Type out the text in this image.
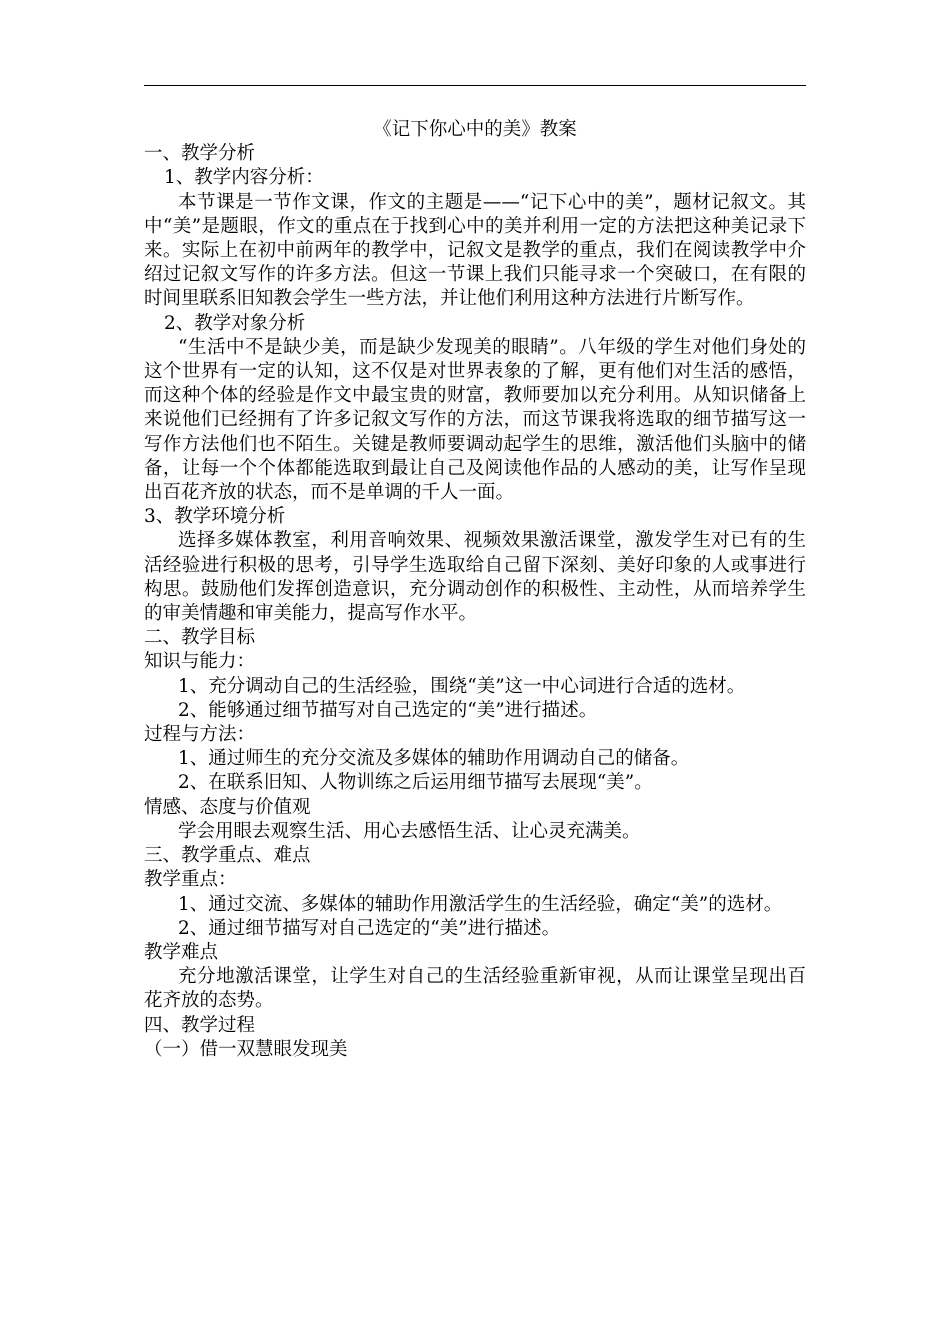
《记下你心中的美》教案

一、教学分析

1、教学内容分析：

本节课是一节作文课，作文的主题是——“记下心中的美”，题材记叙文。其中“美”是题眼，作文的重点在于找到心中的美并利用一定的方法把这种美记录下来。实际上在初中前两年的教学中，记叙文是教学的重点，我们在阅读教学中介绍过记叙文写作的许多方法。但这一节课上我们只能寻求一个突破口，在有限的时间里联系旧知教会学生一些方法，并让他们利用这种方法进行片断写作。

2、教学对象分析

“生活中不是缺少美，而是缺少发现美的眼睛”。八年级的学生对他们身处的这个世界有一定的认知，这不仅是对世界表象的了解，更有他们对生活的感悟，而这种个体的经验是作文中最宝贵的财富，教师要加以充分利用。从知识储备上来说他们已经拥有了许多记叙文写作的方法，而这节课我将选取的细节描写这一写作方法他们也不陌生。关键是教师要调动起学生的思维，激活他们头脑中的储备，让每一个个体都能选取到最让自己及阅读他作品的人感动的美，让写作呈现出百花齐放的状态，而不是单调的千人一面。

3、教学环境分析

选择多媒体教室，利用音响效果、视频效果激活课堂，激发学生对已有的生活经验进行积极的思考，引导学生选取给自己留下深刻、美好印象的人或事进行构思。鼓励他们发挥创造意识，充分调动创作的积极性、主动性，从而培养学生的审美情趣和审美能力，提高写作水平。

二、教学目标

知识与能力：

1、充分调动自己的生活经验，围绕“美”这一中心词进行合适的选材。

2、能够通过细节描写对自己选定的“美”进行描述。

过程与方法：

1、通过师生的充分交流及多媒体的辅助作用调动自己的储备。

2、在联系旧知、人物训练之后运用细节描写去展现“美”。

情感、态度与价值观

学会用眼去观察生活、用心去感悟生活、让心灵充满美。

三、教学重点、难点

教学重点：

1、通过交流、多媒体的辅助作用激活学生的生活经验，确定“美”的选材。

2、通过细节描写对自己选定的“美”进行描述。

教学难点

充分地激活课堂，让学生对自己的生活经验重新审视，从而让课堂呈现出百花齐放的态势。

四、教学过程

（一）借一双慧眼发现美
